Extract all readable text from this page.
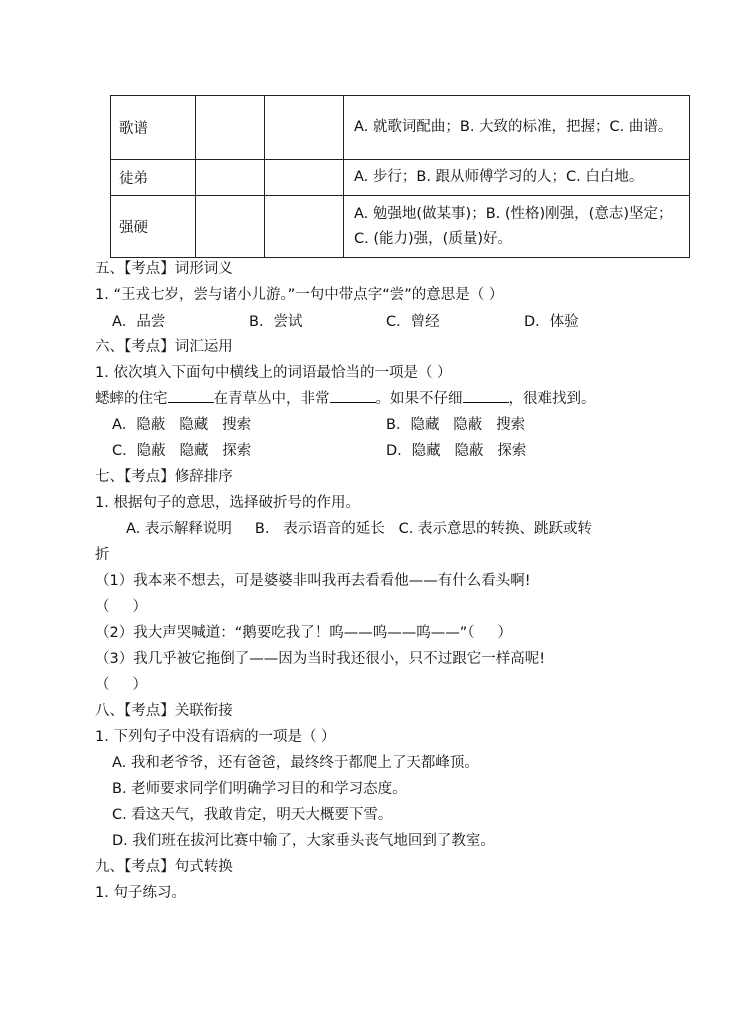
歌谱			A. 就歌词配曲；B. 大致的标准，把握；C. 曲谱。
徒弟			A. 步行；B. 跟从师傅学习的人；C. 白白地。
强硬			A. 勉强地(做某事)；B. (性格)刚强，(意志)坚定；C. (能力)强，(质量)好。
五、【考点】词形词义
1. “王戎七岁，尝与诸小儿游。”一句中带点字“尝”的意思是（ ）
A．品尝	B．尝试	C．曾经	D．体验
六、【考点】词汇运用
1. 依次填入下面句中横线上的词语最恰当的一项是（ ）
蟋蟀的住宅	在青草丛中，非常	。如果不仔细	，很难找到。
A．隐蔽   隐藏   搜索	B．隐藏   隐蔽   搜索
C．隐蔽   隐藏   探索	D．隐藏   隐蔽   探索
七、【考点】修辞排序
1. 根据句子的意思，选择破折号的作用。
A. 表示解释说明     B.   表示语音的延长   C. 表示意思的转换、跳跃或转
折
（1）我本来不想去，可是婆婆非叫我再去看看他——有什么看头啊!
（     ）
（2）我大声哭喊道：“鹅要吃我了！呜——呜——呜——”（     ）
（3）我几乎被它拖倒了——因为当时我还很小，只不过跟它一样高呢!
（     ）
八、【考点】关联衔接
1. 下列句子中没有语病的一项是（ ）
A. 我和老爷爷，还有爸爸，最终终于都爬上了天都峰顶。
B. 老师要求同学们明确学习目的和学习态度。
C. 看这天气，我敢肯定，明天大概要下雪。
D. 我们班在拔河比赛中输了，大家垂头丧气地回到了教室。
九、【考点】句式转换
1. 句子练习。
